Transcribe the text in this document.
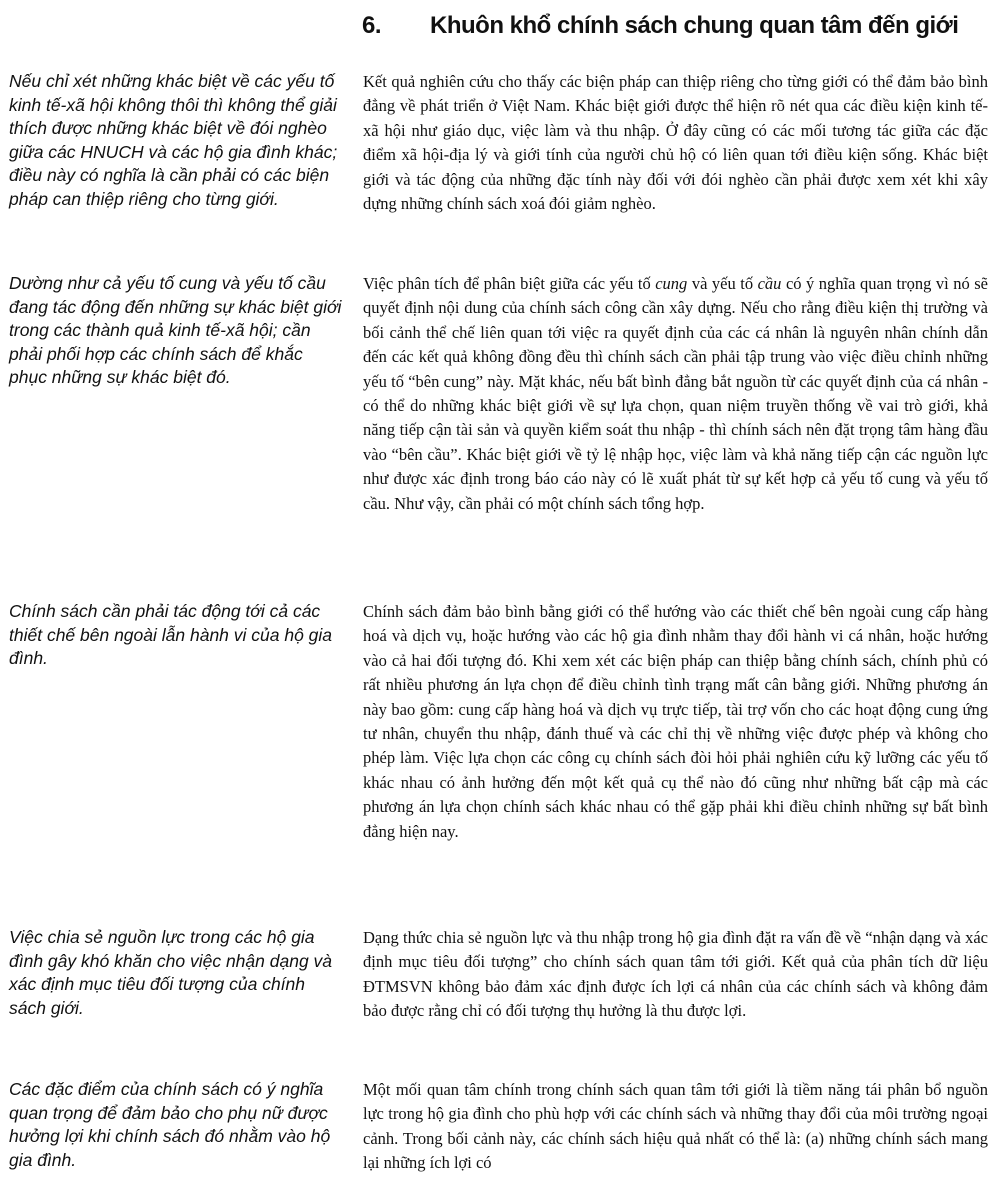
6. Khuôn khổ chính sách chung quan tâm đến giới

Nếu chỉ xét những khác biệt về các yếu tố kinh tế-xã hội không thôi thì không thể giải thích được những khác biệt về đói nghèo giữa các HNUCH và các hộ gia đình khác; điều này có nghĩa là cần phải có các biện pháp can thiệp riêng cho từng giới.

Dường như cả yếu tố cung và yếu tố cầu đang tác động đến những sự khác biệt giới trong các thành quả kinh tế-xã hội; cần phải phối hợp các chính sách để khắc phục những sự khác biệt đó.

Chính sách cần phải tác động tới cả các thiết chế bên ngoài lẫn hành vi của hộ gia đình.

Việc chia sẻ nguồn lực trong các hộ gia đình gây khó khăn cho việc nhận dạng và xác định mục tiêu đối tượng của chính sách giới.

Các đặc điểm của chính sách có ý nghĩa quan trọng để đảm bảo cho phụ nữ được hưởng lợi khi chính sách đó nhằm vào hộ gia đình.

Kết quả nghiên cứu cho thấy các biện pháp can thiệp riêng cho từng giới có thể đảm bảo bình đẳng về phát triển ở Việt Nam. Khác biệt giới được thể hiện rõ nét qua các điều kiện kinh tế-xã hội như giáo dục, việc làm và thu nhập. Ở đây cũng có các mối tương tác giữa các đặc điểm xã hội-địa lý và giới tính của người chủ hộ có liên quan tới điều kiện sống. Khác biệt giới và tác động của những đặc tính này đối với đói nghèo cần phải được xem xét khi xây dựng những chính sách xoá đói giảm nghèo.

Việc phân tích để phân biệt giữa các yếu tố cung và yếu tố cầu có ý nghĩa quan trọng vì nó sẽ quyết định nội dung của chính sách công cần xây dựng. Nếu cho rằng điều kiện thị trường và bối cảnh thể chế liên quan tới việc ra quyết định của các cá nhân là nguyên nhân chính dẫn đến các kết quả không đồng đều thì chính sách cần phải tập trung vào việc điều chỉnh những yếu tố “bên cung” này. Mặt khác, nếu bất bình đẳng bắt nguồn từ các quyết định của cá nhân - có thể do những khác biệt giới về sự lựa chọn, quan niệm truyền thống về vai trò giới, khả năng tiếp cận tài sản và quyền kiểm soát thu nhập - thì chính sách nên đặt trọng tâm hàng đầu vào “bên cầu”. Khác biệt giới về tỷ lệ nhập học, việc làm và khả năng tiếp cận các nguồn lực như được xác định trong báo cáo này có lẽ xuất phát từ sự kết hợp cả yếu tố cung và yếu tố cầu. Như vậy, cần phải có một chính sách tổng hợp.

Chính sách đảm bảo bình bằng giới có thể hướng vào các thiết chế bên ngoài cung cấp hàng hoá và dịch vụ, hoặc hướng vào các hộ gia đình nhằm thay đổi hành vi cá nhân, hoặc hướng vào cả hai đối tượng đó. Khi xem xét các biện pháp can thiệp bằng chính sách, chính phủ có rất nhiều phương án lựa chọn để điều chỉnh tình trạng mất cân bằng giới. Những phương án này bao gồm: cung cấp hàng hoá và dịch vụ trực tiếp, tài trợ vốn cho các hoạt động cung ứng tư nhân, chuyển thu nhập, đánh thuế và các chỉ thị về những việc được phép và không cho phép làm. Việc lựa chọn các công cụ chính sách đòi hỏi phải nghiên cứu kỹ lưỡng các yếu tố khác nhau có ảnh hưởng đến một kết quả cụ thể nào đó cũng như những bất cập mà các phương án lựa chọn chính sách khác nhau có thể gặp phải khi điều chỉnh những sự bất bình đẳng hiện nay.

Dạng thức chia sẻ nguồn lực và thu nhập trong hộ gia đình đặt ra vấn đề về “nhận dạng và xác định mục tiêu đối tượng” cho chính sách quan tâm tới giới. Kết quả của phân tích dữ liệu ĐTMSVN không bảo đảm xác định được ích lợi cá nhân của các chính sách và không đảm bảo được rằng chỉ có đối tượng thụ hưởng là thu được lợi.

Một mối quan tâm chính trong chính sách quan tâm tới giới là tiềm năng tái phân bổ nguồn lực trong hộ gia đình cho phù hợp với các chính sách và những thay đổi của môi trường ngoại cảnh. Trong bối cảnh này, các chính sách hiệu quả nhất có thể là: (a) những chính sách mang lại những ích lợi có
